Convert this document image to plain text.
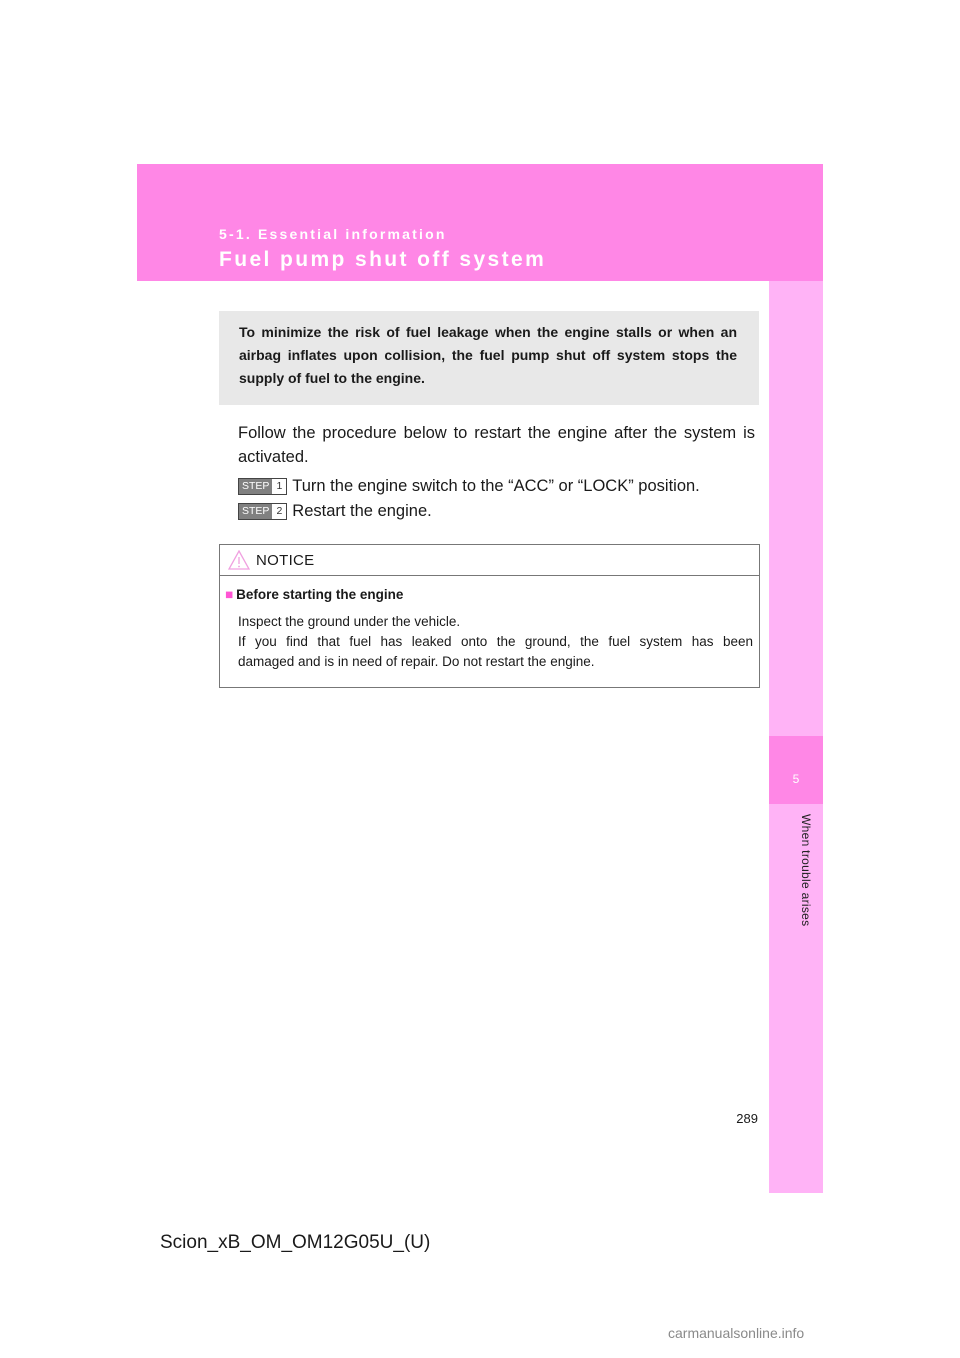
5-1. Essential information
Fuel pump shut off system
5
When trouble arises

To minimize the risk of fuel leakage when the engine stalls or when an airbag inflates upon collision, the fuel pump shut off system stops the supply of fuel to the engine.

Follow the procedure below to restart the engine after the system is activated.

STEP 1 Turn the engine switch to the “ACC” or “LOCK” position.
STEP 2 Restart the engine.
NOTICE
■ Before starting the engine
Inspect the ground under the vehicle.
If you find that fuel has leaked onto the ground, the fuel system has been
damaged and is in need of repair. Do not restart the engine.
289
Scion_xB_OM_OM12G05U_(U)
carmanualsonline.info
